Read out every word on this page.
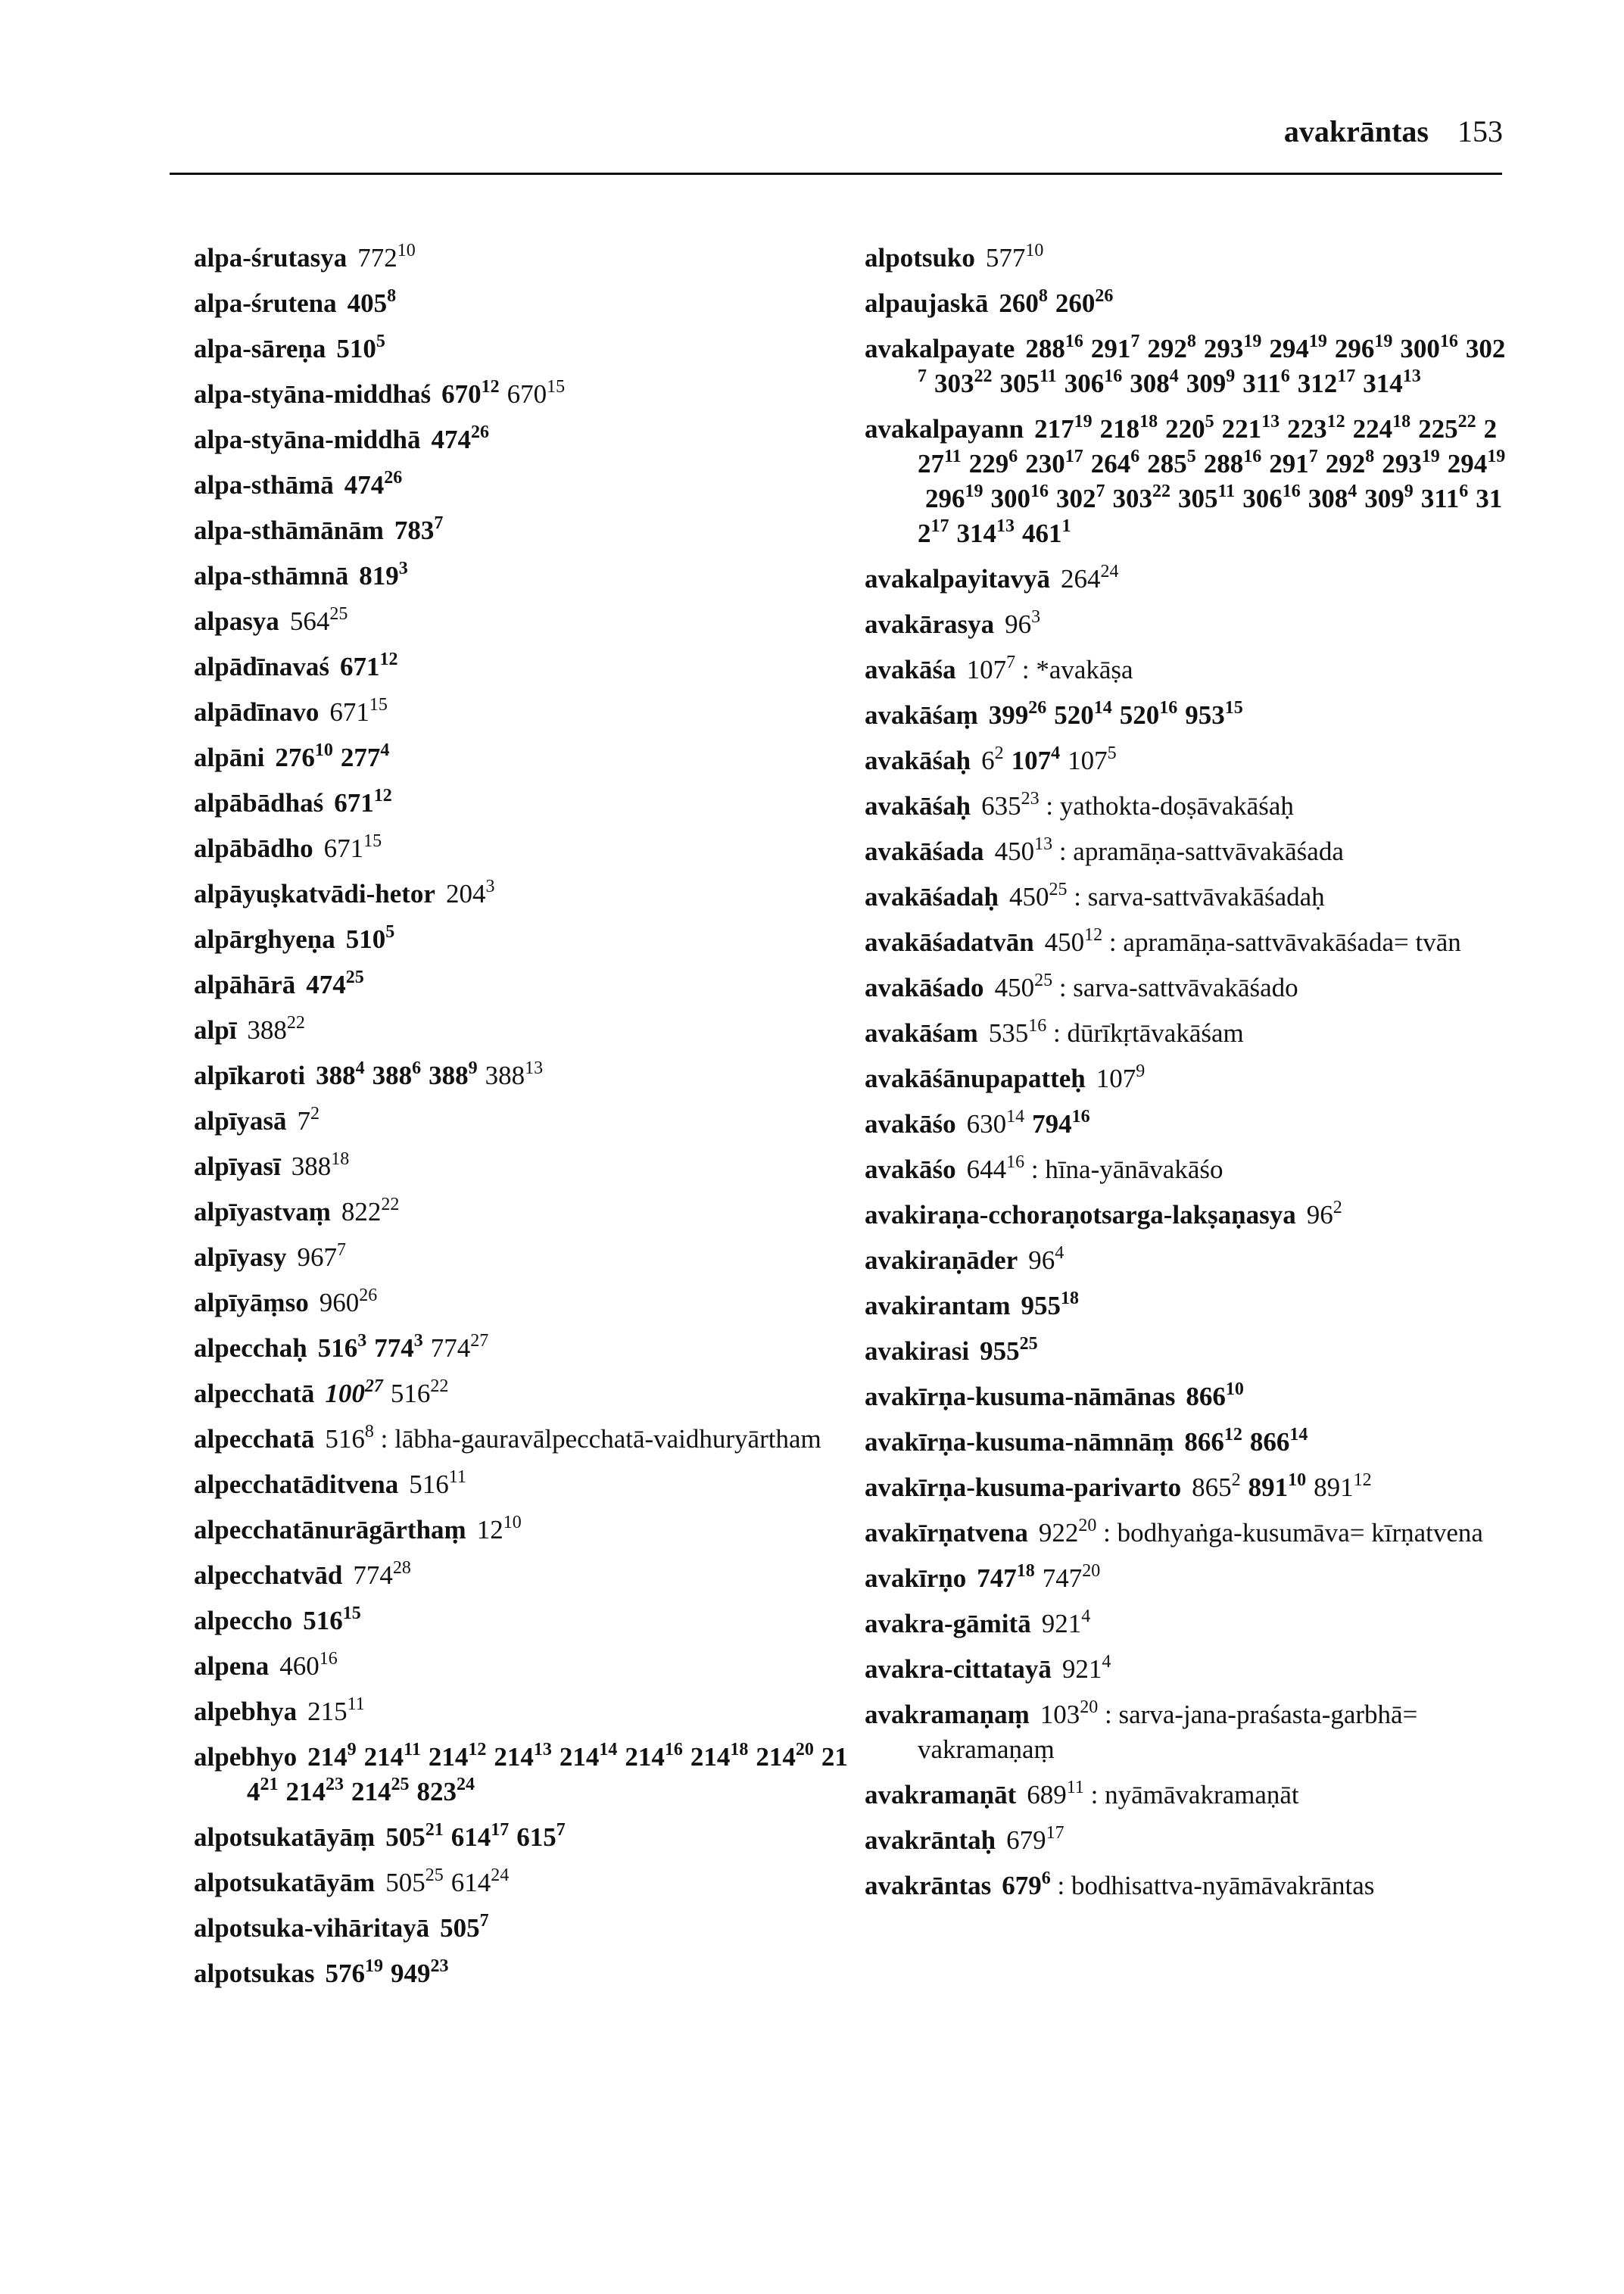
avakrāntas 153
alpa-śrutasya $772^{10}$
alpa-śrutena $405^8$
alpa-sāreṇa $510^5$
alpa-styāna-middhaś $670^{12}$ $670^{15}$
alpa-styāna-middhā $474^{26}$
alpa-sthāmā $474^{26}$
alpa-sthāmānām $783^7$
alpa-sthāmnā $819^3$
alpasya $564^{25}$
alpādīnavaś $671^{12}$
alpādīnavo $671^{15}$
alpāni $276^{10}$ $277^4$
alpābādhaś $671^{12}$
alpābādho $671^{15}$
alpāyuṣkatvādi-hetor $204^3$
alpārghyeṇa $510^5$
alpāhārā $474^{25}$
alpī $388^{22}$
alpīkaroti $388^4$ $388^6$ $388^9$ $388^{13}$
alpīyasā $7^2$
alpīyasī $388^{18}$
alpīyastvaṃ $822^{22}$
alpīyasy $967^7$
alpīyāṃso $960^{26}$
alpecchaḥ $516^3$ $774^3$ $774^{27}$
alpecchatā $100^{27}$ $516^{22}$
alpecchatā $516^8$ : lābha-gauravālpecchatā-vaidhuryārtham
alpecchatāditvena $516^{11}$
alpecchatānurāgārthaṃ $12^{10}$
alpecchatvād $774^{28}$
alpeccho $516^{15}$
alpena $460^{16}$
alpebhya $215^{11}$
alpebhyo $214^9$ $214^{11}$ $214^{12}$ $214^{13}$ $214^{14}$ $214^{16}$ $214^{18}$ $214^{20}$ $214^{21}$ $214^{23}$ $214^{25}$ $823^{24}$
alpotsukatāyāṃ $505^{21}$ $614^{17}$ $615^7$
alpotsukatāyām $505^{25}$ $614^{24}$
alpotsuka-vihāritayā $505^7$
alpotsukas $576^{19}$ $949^{23}$
alpotsuko $577^{10}$
alpaujaskā $260^8$ $260^{26}$
avakalpayate $288^{16}$ $291^7$ $292^8$ $293^{19}$ $294^{19}$ $296^{19}$ $300^{16}$ $302^7$ $303^{22}$ $305^{11}$ $306^{16}$ $308^4$ $309^9$ $311^6$ $312^{17}$ $314^{13}$
avakalpayann $217^{19}$ $218^{18}$ $220^5$ $221^{13}$ $223^{12}$ $224^{18}$ $225^{22}$ $227^{11}$ $229^6$ $230^{17}$ $264^6$ $285^5$ $288^{16}$ $291^7$ $292^8$ $293^{19}$ $294^{19}296^{19}$ $300^{16}$ $302^7$ $303^{22}$ $305^{11}$ $306^{16}$ $308^4$ $309^9$ $311^6$ $312^{17}$ $314^{13}$ $461^1$
avakalpayitavyā $264^{24}$
avakārasya $96^3$
avakāśa $107^7$ : *avakāṣa
avakāśaṃ $399^{26}$ $520^{14}$ $520^{16}$ $953^{15}$
avakāśaḥ $6^2$ $107^4$ $107^5$
avakāśaḥ $635^{23}$ : yathokta-doṣāvakāśaḥ
avakāśada $450^{13}$ : apramāṇa-sattvāvakāśada
avakāśadaḥ $450^{25}$ : sarva-sattvāvakāśadaḥ
avakāśadatvān $450^{12}$ : apramāṇa-sattvāvakāśada= tvān
avakāśado $450^{25}$ : sarva-sattvāvakāśado
avakāśam $535^{16}$ : dūrīkṛtāvakāśam
avakāśānupapatteḥ $107^9$
avakāśo $630^{14}$ $794^{16}$
avakāśo $644^{16}$ : hīna-yānāvakāśo
avakiraṇa-cchoraṇotsarga-lakṣaṇasya $96^2$
avakiraṇāder $96^4$
avakirantam $955^{18}$
avakirasi $955^{25}$
avakīrṇa-kusuma-nāmānas $866^{10}$
avakīrṇa-kusuma-nāmnāṃ $866^{12}$ $866^{14}$
avakīrṇa-kusuma-parivarto $865^2$ $891^{10}$ $891^{12}$
avakīrṇatvena $922^{20}$ : bodhyaṅga-kusumāva= kīrṇatvena
avakīrṇo $747^{18}$ $747^{20}$
avakra-gāmitā $921^4$
avakra-cittatayā $921^4$
avakramaṇaṃ $103^{20}$ : sarva-jana-praśasta-garbhā= vakramaṇaṃ
avakramaṇāt $689^{11}$ : nyāmāvakramaṇāt
avakrāntaḥ $679^{17}$
avakrāntas $679^6$ : bodhisattva-nyāmāvakrāntas
